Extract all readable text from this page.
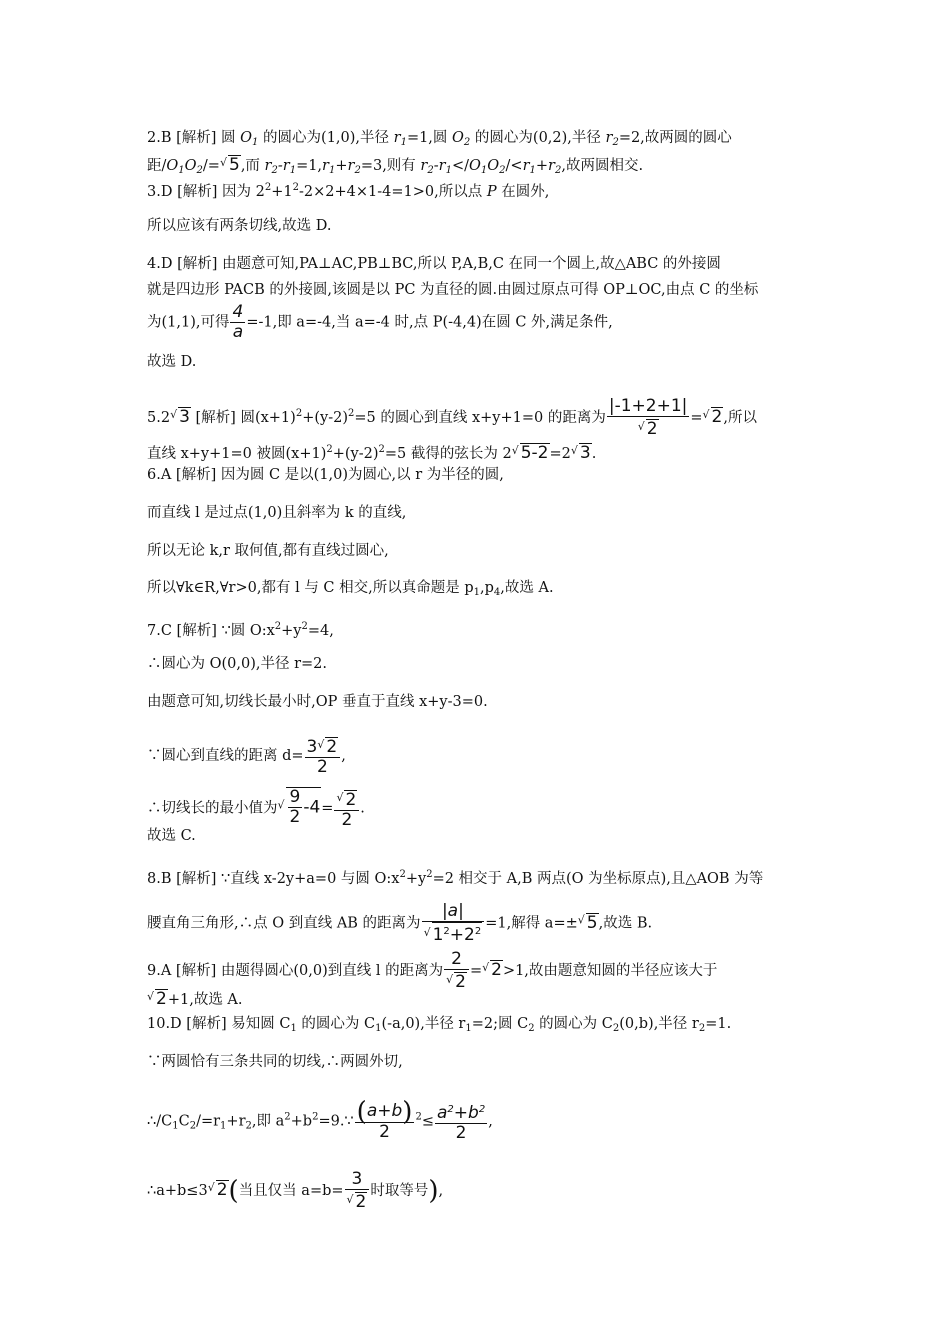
2.B [解析] 圆 $O_1$ 的圆心为(1,0),半径 $r_1=1$,圆 $O_2$ 的圆心为(0,2),半径 $r_2=2$,故两圆的圆心
距$/O_1O_2/=^√$ 5,而 $r_2-r_1=1,r_1+r_2=3$,则有 $r_2-r_1</O_1O_2/<r_1+r_2$,故两圆相交.
3.D [解析] 因为 $2^2+1^2-2\times 2+4\times 1-4=1>0$,所以点 P 在圆外,
所以应该有两条切线,故选 D.
4.D [解析] 由题意可知,PA⊥AC,PB⊥BC,所以 P,A,B,C 在同一个圆上,故△ABC 的外接圆
就是四边形 PACB 的外接圆,该圆是以 PC 为直径的圆.由圆过原点可得 OP⊥OC,由点 C 的坐标
为(1,1),可得 $\frac{4}{a} =-1$,即 a=-4,当 a=-4 时,点 P(-4,4)在圆 C 外,满足条件,
故选 D.
5.2√ 3 [解析] 圆$(x+1)^2+(y-2)^2=5$ 的圆心到直线 x+y+1=0 的距离为 $\frac{|-1+2+1|}{^√ 2} =^√$ 2,所以
直线 x+y+1=0 被圆$(x+1)^2+(y-2)^2=5$ 截得的弦长为 2√ 5-2=2√ 3.
6.A [解析] 因为圆 C 是以(1,0)为圆心,以 r 为半径的圆,
而直线 l 是过点(1,0)且斜率为 k 的直线,
所以无论 k,r 取何值,都有直线过圆心,
所以∀k∈R,∀r>0,都有 l 与 C 相交,所以真命题是 $p_1,p_4$,故选 A.
7.C [解析] ∵圆 $O:x^2+y^2=4$,
∴圆心为 O(0,0),半径 r=2.
由题意可知,切线长最小时,OP 垂直于直线 x+y-3=0.
∵圆心到直线的距离 $d= \frac{3^√ 2}{2}$ ,
∴切线长的最小值为$^√ \frac{9}{2} -4= \frac{^√ 2}{2}$ .
故选 C.
8.B [解析] ∵直线 x-2y+a=0 与圆 $O:x^2+y^2=2$ 相交于 A,B 两点(O 为坐标原点),且△AOB 为等
腰直角三角形,∴点 O 到直线 AB 的距离为 $\frac{|a|}{^√ 1^2+2^2} =1$,解得 a=±√ 5,故选 B.
9.A [解析] 由题得圆心(0,0)到直线 l 的距离为 $\frac{2}{^√ 2} =^√$ 2>1,故由题意知圆的半径应该大于
√ 2+1,故选 A.
10.D [解析] 易知圆 $C_1$ 的圆心为 $C_1(-a,0)$,半径 $r_1=2$;圆 $C_2$ 的圆心为 $C_2(0,b)$,半径 $r_2=1$.
∵两圆恰有三条共同的切线,∴两圆外切,
$\therefore/C_1C_2/=r_1+r_2$,即 $a^2+b^2=9.\because \frac{(a+b)}{2} ^2\le \frac{a^2+b^2}{2}$ ,
∴a+b≤3√ 2(当且仅当 $a=b= \frac{3}{^√ 2}$ 时取等号),
